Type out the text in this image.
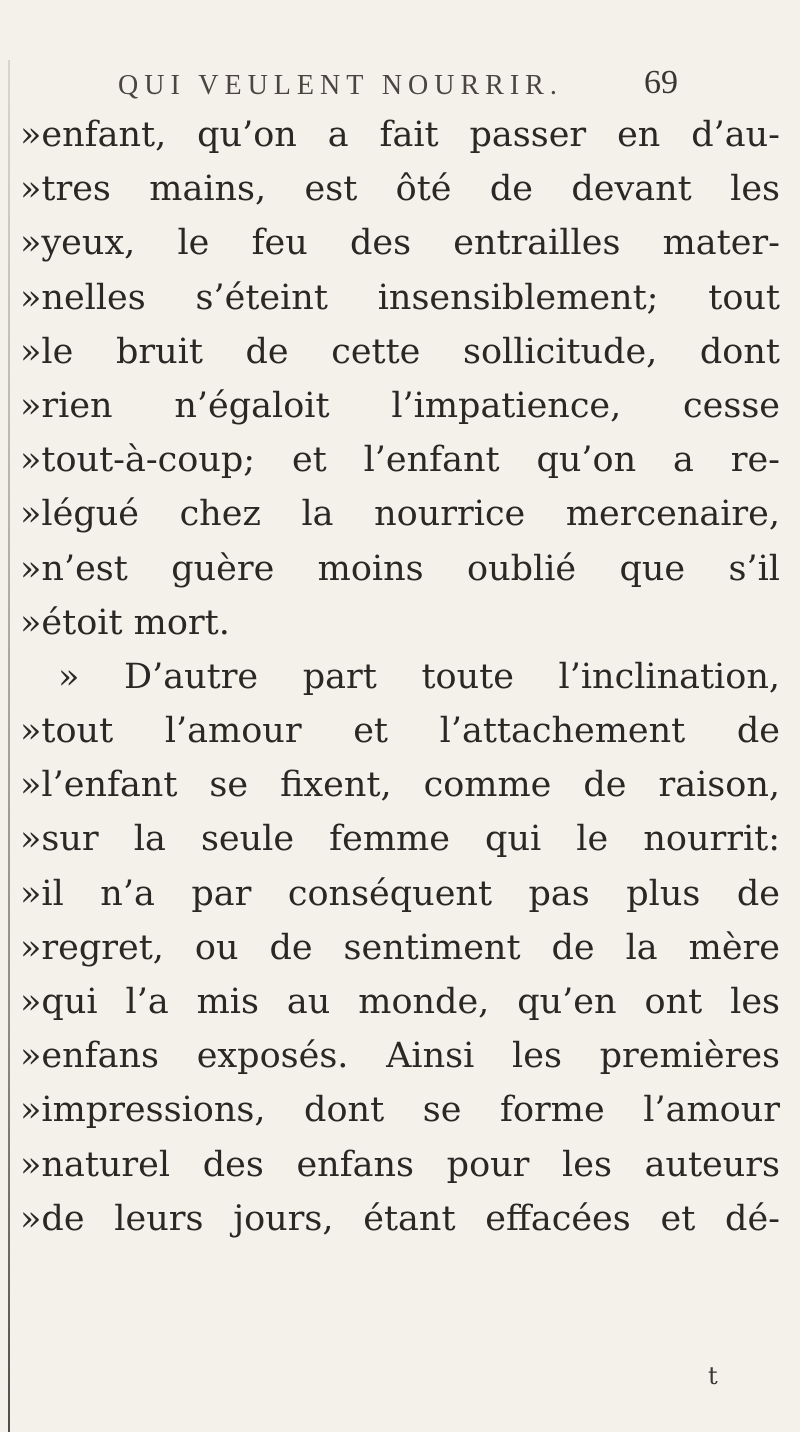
QUI VEULENT NOURRIR. 69
»enfant, qu’on a fait passer en d’au-
»tres mains, est ôté de devant les
»yeux, le feu des entrailles mater-
»nelles s’éteint insensiblement; tout
»le bruit de cette sollicitude, dont
»rien n’égaloit l’impatience, cesse
»tout-à-coup; et l’enfant qu’on a re-
»légué chez la nourrice mercenaire,
»n’est guère moins oublié que s’il
»étoit mort.
» D’autre part toute l’inclination,
»tout l’amour et l’attachement de
»l’enfant se fixent, comme de raison,
»sur la seule femme qui le nourrit:
»il n’a par conséquent pas plus de
»regret, ou de sentiment de la mère
»qui l’a mis au monde, qu’en ont les
»enfans exposés. Ainsi les premières
»impressions, dont se forme l’amour
»naturel des enfans pour les auteurs
»de leurs jours, étant effacées et dé-
t
